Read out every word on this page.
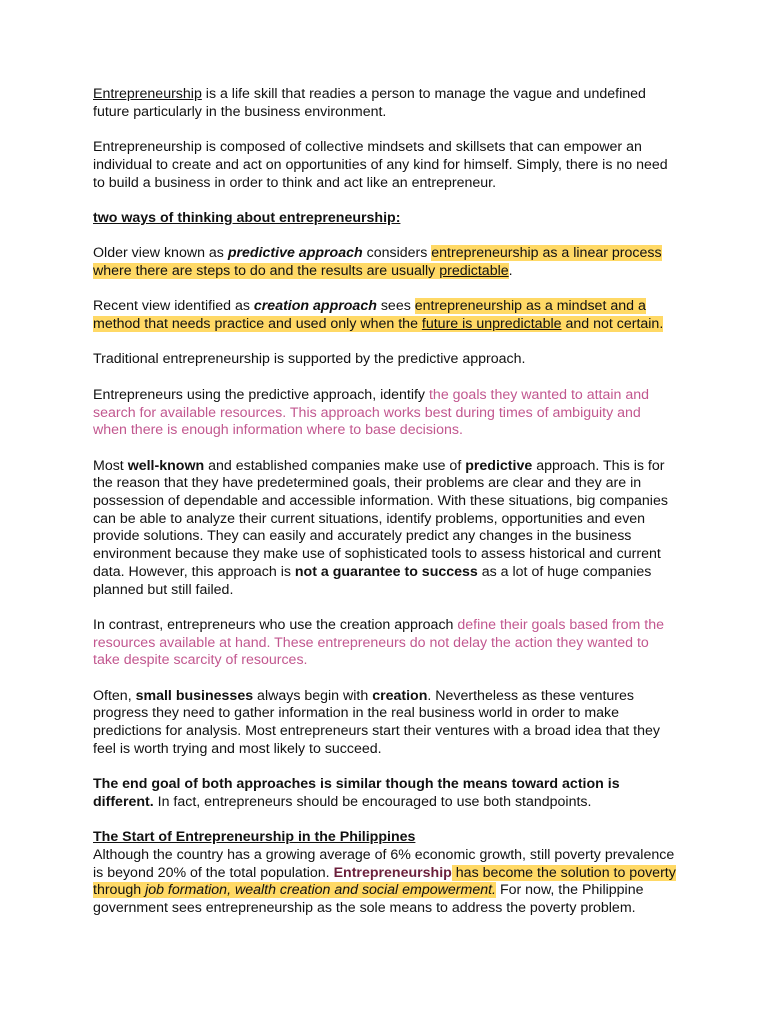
Entrepreneurship is a life skill that readies a person to manage the vague and undefined future particularly in the business environment.

Entrepreneurship is composed of collective mindsets and skillsets that can empower an individual to create and act on opportunities of any kind for himself. Simply, there is no need to build a business in order to think and act like an entrepreneur.

two ways of thinking about entrepreneurship:

Older view known as predictive approach considers entrepreneurship as a linear process where there are steps to do and the results are usually predictable.

Recent view identified as creation approach sees entrepreneurship as a mindset and a method that needs practice and used only when the future is unpredictable and not certain.

Traditional entrepreneurship is supported by the predictive approach.

Entrepreneurs using the predictive approach, identify the goals they wanted to attain and search for available resources. This approach works best during times of ambiguity and when there is enough information where to base decisions.

Most well-known and established companies make use of predictive approach. This is for the reason that they have predetermined goals, their problems are clear and they are in possession of dependable and accessible information. With these situations, big companies can be able to analyze their current situations, identify problems, opportunities and even provide solutions. They can easily and accurately predict any changes in the business environment because they make use of sophisticated tools to assess historical and current data. However, this approach is not a guarantee to success as a lot of huge companies planned but still failed.

In contrast, entrepreneurs who use the creation approach define their goals based from the resources available at hand. These entrepreneurs do not delay the action they wanted to take despite scarcity of resources.

Often, small businesses always begin with creation. Nevertheless as these ventures progress they need to gather information in the real business world in order to make predictions for analysis. Most entrepreneurs start their ventures with a broad idea that they feel is worth trying and most likely to succeed.

The end goal of both approaches is similar though the means toward action is different. In fact, entrepreneurs should be encouraged to use both standpoints.

The Start of Entrepreneurship in the Philippines

Although the country has a growing average of 6% economic growth, still poverty prevalence is beyond 20% of the total population. Entrepreneurship has become the solution to poverty through job formation, wealth creation and social empowerment. For now, the Philippine government sees entrepreneurship as the sole means to address the poverty problem.
